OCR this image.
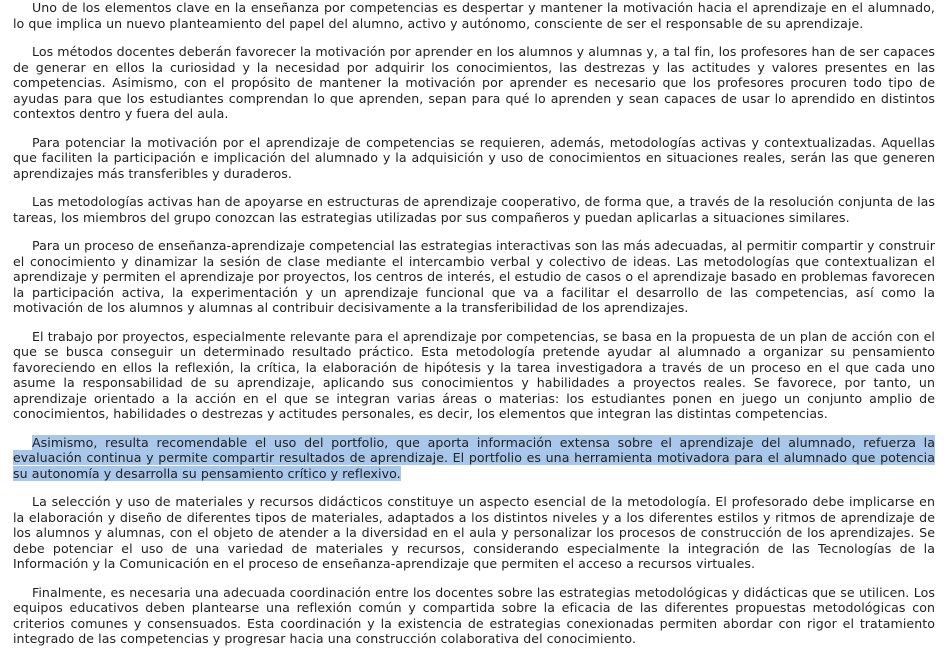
Uno de los elementos clave en la enseñanza por competencias es despertar y mantener la motivación hacia el aprendizaje en el alumnado, lo que implica un nuevo planteamiento del papel del alumno, activo y autónomo, consciente de ser el responsable de su aprendizaje.

Los métodos docentes deberán favorecer la motivación por aprender en los alumnos y alumnas y, a tal fin, los profesores han de ser capaces de generar en ellos la curiosidad y la necesidad por adquirir los conocimientos, las destrezas y las actitudes y valores presentes en las competencias. Asimismo, con el propósito de mantener la motivación por aprender es necesario que los profesores procuren todo tipo de ayudas para que los estudiantes comprendan lo que aprenden, sepan para qué lo aprenden y sean capaces de usar lo aprendido en distintos contextos dentro y fuera del aula.

Para potenciar la motivación por el aprendizaje de competencias se requieren, además, metodologías activas y contextualizadas. Aquellas que faciliten la participación e implicación del alumnado y la adquisición y uso de conocimientos en situaciones reales, serán las que generen aprendizajes más transferibles y duraderos.

Las metodologías activas han de apoyarse en estructuras de aprendizaje cooperativo, de forma que, a través de la resolución conjunta de las tareas, los miembros del grupo conozcan las estrategias utilizadas por sus compañeros y puedan aplicarlas a situaciones similares.

Para un proceso de enseñanza-aprendizaje competencial las estrategias interactivas son las más adecuadas, al permitir compartir y construir el conocimiento y dinamizar la sesión de clase mediante el intercambio verbal y colectivo de ideas. Las metodologías que contextualizan el aprendizaje y permiten el aprendizaje por proyectos, los centros de interés, el estudio de casos o el aprendizaje basado en problemas favorecen la participación activa, la experimentación y un aprendizaje funcional que va a facilitar el desarrollo de las competencias, así como la motivación de los alumnos y alumnas al contribuir decisivamente a la transferibilidad de los aprendizajes.

El trabajo por proyectos, especialmente relevante para el aprendizaje por competencias, se basa en la propuesta de un plan de acción con el que se busca conseguir un determinado resultado práctico. Esta metodología pretende ayudar al alumnado a organizar su pensamiento favoreciendo en ellos la reflexión, la crítica, la elaboración de hipótesis y la tarea investigadora a través de un proceso en el que cada uno asume la responsabilidad de su aprendizaje, aplicando sus conocimientos y habilidades a proyectos reales. Se favorece, por tanto, un aprendizaje orientado a la acción en el que se integran varias áreas o materias: los estudiantes ponen en juego un conjunto amplio de conocimientos, habilidades o destrezas y actitudes personales, es decir, los elementos que integran las distintas competencias.

Asimismo, resulta recomendable el uso del portfolio, que aporta información extensa sobre el aprendizaje del alumnado, refuerza la evaluación continua y permite compartir resultados de aprendizaje. El portfolio es una herramienta motivadora para el alumnado que potencia su autonomía y desarrolla su pensamiento crítico y reflexivo.

La selección y uso de materiales y recursos didácticos constituye un aspecto esencial de la metodología. El profesorado debe implicarse en la elaboración y diseño de diferentes tipos de materiales, adaptados a los distintos niveles y a los diferentes estilos y ritmos de aprendizaje de los alumnos y alumnas, con el objeto de atender a la diversidad en el aula y personalizar los procesos de construcción de los aprendizajes. Se debe potenciar el uso de una variedad de materiales y recursos, considerando especialmente la integración de las Tecnologías de la Información y la Comunicación en el proceso de enseñanza-aprendizaje que permiten el acceso a recursos virtuales.

Finalmente, es necesaria una adecuada coordinación entre los docentes sobre las estrategias metodológicas y didácticas que se utilicen. Los equipos educativos deben plantearse una reflexión común y compartida sobre la eficacia de las diferentes propuestas metodológicas con criterios comunes y consensuados. Esta coordinación y la existencia de estrategias conexionadas permiten abordar con rigor el tratamiento integrado de las competencias y progresar hacia una construcción colaborativa del conocimiento.
